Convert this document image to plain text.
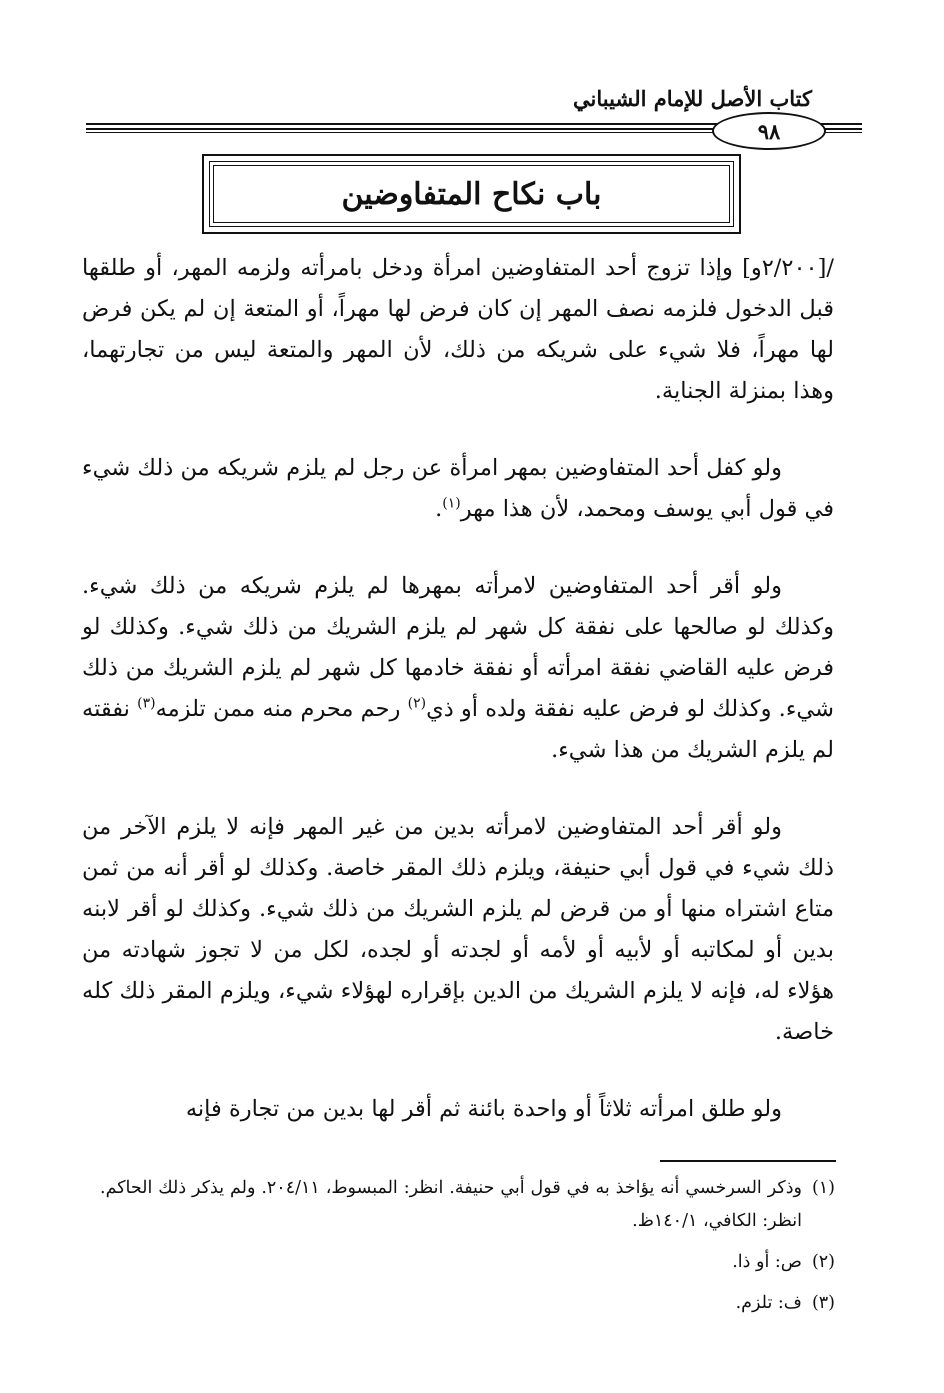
كتاب الأصل للإمام الشيباني
٩٨
باب نكاح المتفاوضين

/[٢/٢٠٠و] وإذا تزوج أحد المتفاوضين امرأة ودخل بامرأته ولزمه المهر، أو طلقها قبل الدخول فلزمه نصف المهر إن كان فرض لها مهراً، أو المتعة إن لم يكن فرض لها مهراً، فلا شيء على شريكه من ذلك، لأن المهر والمتعة ليس من تجارتهما، وهذا بمنزلة الجناية.

ولو كفل أحد المتفاوضين بمهر امرأة عن رجل لم يلزم شريكه من ذلك شيء في قول أبي يوسف ومحمد، لأن هذا مهر$^{(١)}$.

ولو أقر أحد المتفاوضين لامرأته بمهرها لم يلزم شريكه من ذلك شيء. وكذلك لو صالحها على نفقة كل شهر لم يلزم الشريك من ذلك شيء. وكذلك لو فرض عليه القاضي نفقة امرأته أو نفقة خادمها كل شهر لم يلزم الشريك من ذلك شيء. وكذلك لو فرض عليه نفقة ولده أو ذي$^{(٢)}$ رحم محرم منه ممن تلزمه$^{(٣)}$ نفقته لم يلزم الشريك من هذا شيء.

ولو أقر أحد المتفاوضين لامرأته بدين من غير المهر فإنه لا يلزم الآخر من ذلك شيء في قول أبي حنيفة، ويلزم ذلك المقر خاصة. وكذلك لو أقر أنه من ثمن متاع اشتراه منها أو من قرض لم يلزم الشريك من ذلك شيء. وكذلك لو أقر لابنه بدين أو لمكاتبه أو لأبيه أو لأمه أو لجدته أو لجده، لكل من لا تجوز شهادته من هؤلاء له، فإنه لا يلزم الشريك من الدين بإقراره لهؤلاء شيء، ويلزم المقر ذلك كله خاصة.

ولو طلق امرأته ثلاثاً أو واحدة بائنة ثم أقر لها بدين من تجارة فإنه

(١)
وذكر السرخسي أنه يؤاخذ به في قول أبي حنيفة. انظر: المبسوط، ٢٠٤/١١. ولم يذكر ذلك الحاكم. انظر: الكافي، ١٤٠/١ظ.
(٢)
ص: أو ذا.
(٣)
ف: تلزم.
